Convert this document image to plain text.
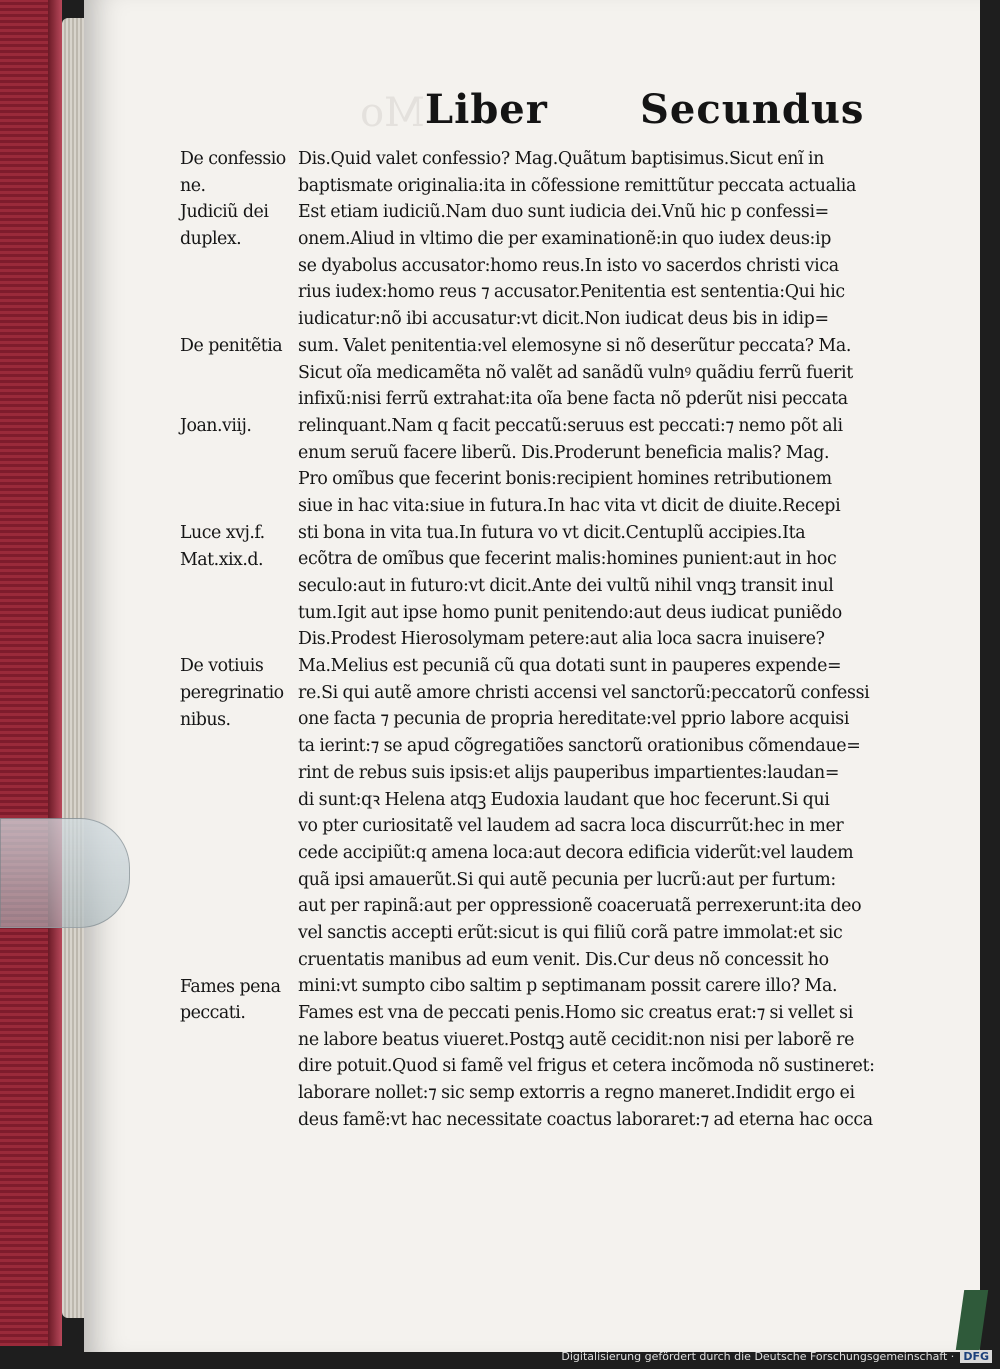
Mo Liber Secundus
Dis.Quid valet confessio? Mag.Quãtum baptisimus.Sicut enĩ in
baptismate originalia:ita in cõfessione remittũtur peccata actualia
Est etiam iudiciũ.Nam duo sunt iudicia dei.Vnũ hic p confessi=
onem.Aliud in vltimo die per examinationẽ:in quo iudex deus:ip
se dyabolus accusator:homo reus.In isto vo sacerdos christi vica
rius iudex:homo reus ⁊ accusator.Penitentia est sententia:Qui hic
iudicatur:nõ ibi accusatur:vt dicit.Non iudicat deus bis in idip=
sum. Valet penitentia:vel elemosyne si nõ deserũtur peccata? Ma.
Sicut oĩa medicamẽta nõ valẽt ad sanãdũ vulnꝰ quãdiu ferrũ fuerit
infixũ:nisi ferrũ extrahat:ita oĩa bene facta nõ pderũt nisi peccata
relinquant.Nam q facit peccatũ:seruus est peccati:⁊ nemo põt ali
enum seruũ facere liberũ. Dis.Proderunt beneficia malis? Mag.
Pro omĩbus que fecerint bonis:recipient homines retributionem
siue in hac vita:siue in futura.In hac vita vt dicit de diuite.Recepi
sti bona in vita tua.In futura vo vt dicit.Centuplũ accipies.Ita
ecõtra de omĩbus que fecerint malis:homines punient:aut in hoc
seculo:aut in futuro:vt dicit.Ante dei vultũ nihil vnqꝫ transit inul
tum.Igit aut ipse homo punit penitendo:aut deus iudicat puniẽdo
Dis.Prodest Hierosolymam petere:aut alia loca sacra inuisere?
Ma.Melius est pecuniã cũ qua dotati sunt in pauperes expende=
re.Si qui autẽ amore christi accensi vel sanctorũ:peccatorũ confessi
one facta ⁊ pecunia de propria hereditate:vel pprio labore acquisi
ta ierint:⁊ se apud cõgregatiões sanctorũ orationibus cõmendaue=
rint de rebus suis ipsis:et alijs pauperibus impartientes:laudan=
di sunt:qꝛ Helena atqꝫ Eudoxia laudant que hoc fecerunt.Si qui
vo pter curiositatẽ vel laudem ad sacra loca discurrũt:hec in mer
cede accipiũt:q amena loca:aut decora edificia viderũt:vel laudem
quã ipsi amauerũt.Si qui autẽ pecunia per lucrũ:aut per furtum:
aut per rapinã:aut per oppressionẽ coaceruatã perrexerunt:ita deo
vel sanctis accepti erũt:sicut is qui filiũ corã patre immolat:et sic
cruentatis manibus ad eum venit. Dis.Cur deus nõ concessit ho
mini:vt sumpto cibo saltim p septimanam possit carere illo? Ma.
Fames est vna de peccati penis.Homo sic creatus erat:⁊ si vellet si
ne labore beatus viueret.Postqꝫ autẽ cecidit:non nisi per laborẽ re
dire potuit.Quod si famẽ vel frigus et cetera incõmoda nõ sustineret:
laborare nollet:⁊ sic semp extorris a regno maneret.Indidit ergo ei
deus famẽ:vt hac necessitate coactus laboraret:⁊ ad eterna hac occa
De confessio
ne.
Judiciũ dei
duplex.
De penitẽtia
Joan.viij.
Luce xvj.f.
Mat.xix.d.
De votiuis
peregrinatio
nibus.
Fames pena
peccati.
Digitalisierung gefördert durch die Deutsche Forschungsgemeinschaft · DFG
